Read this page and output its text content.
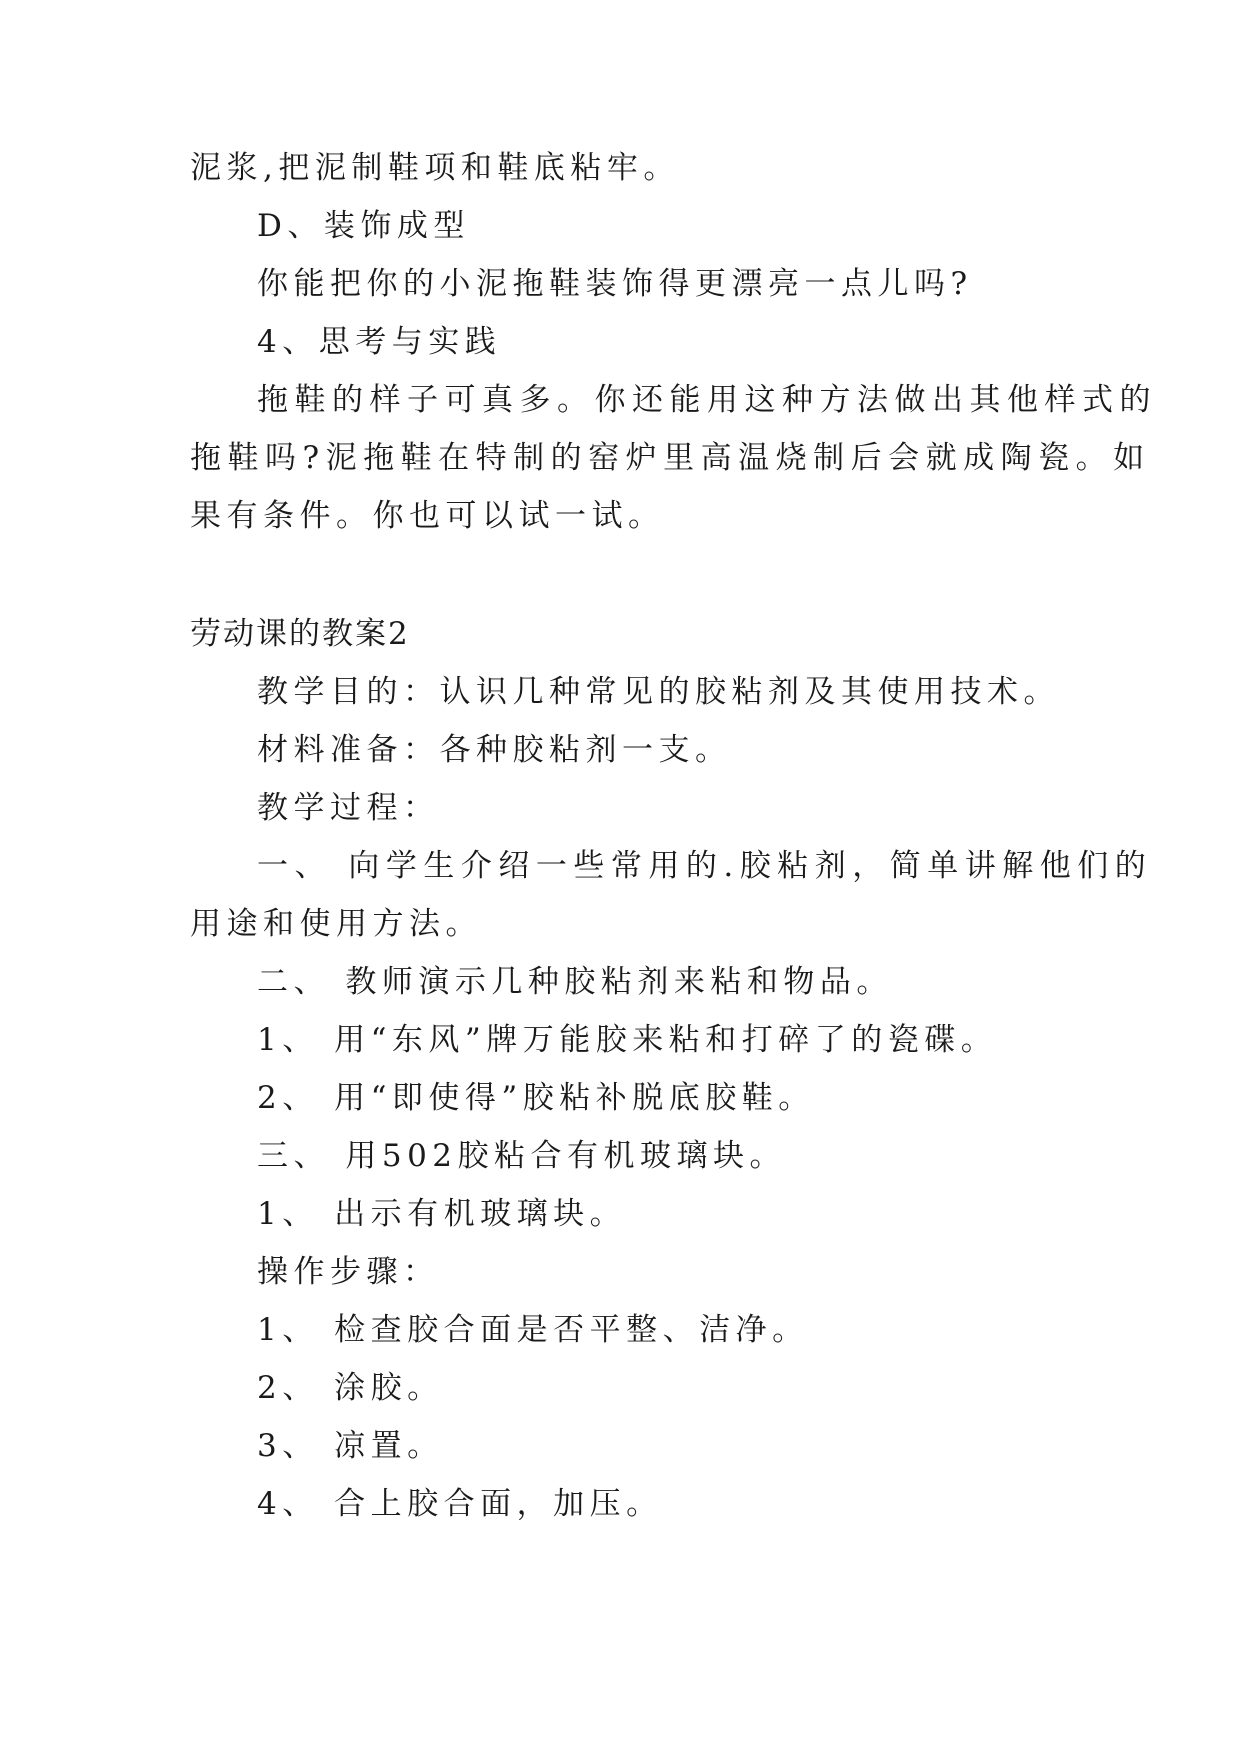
泥浆,把泥制鞋项和鞋底粘牢。
D、装饰成型
你能把你的小泥拖鞋装饰得更漂亮一点儿吗?
4、思考与实践
拖鞋的样子可真多。你还能用这种方法做出其他样式的
拖鞋吗?泥拖鞋在特制的窑炉里高温烧制后会就成陶瓷。如
果有条件。你也可以试一试。
劳动课的教案2
教学目的：认识几种常见的胶粘剂及其使用技术。
材料准备：各种胶粘剂一支。
教学过程：
一、 向学生介绍一些常用的.胶粘剂，简单讲解他们的
用途和使用方法。
二、 教师演示几种胶粘剂来粘和物品。
1、 用“东风”牌万能胶来粘和打碎了的瓷碟。
2、 用“即使得”胶粘补脱底胶鞋。
三、 用502胶粘合有机玻璃块。
1、 出示有机玻璃块。
操作步骤：
1、 检查胶合面是否平整、洁净。
2、 涂胶。
3、 凉置。
4、 合上胶合面，加压。
